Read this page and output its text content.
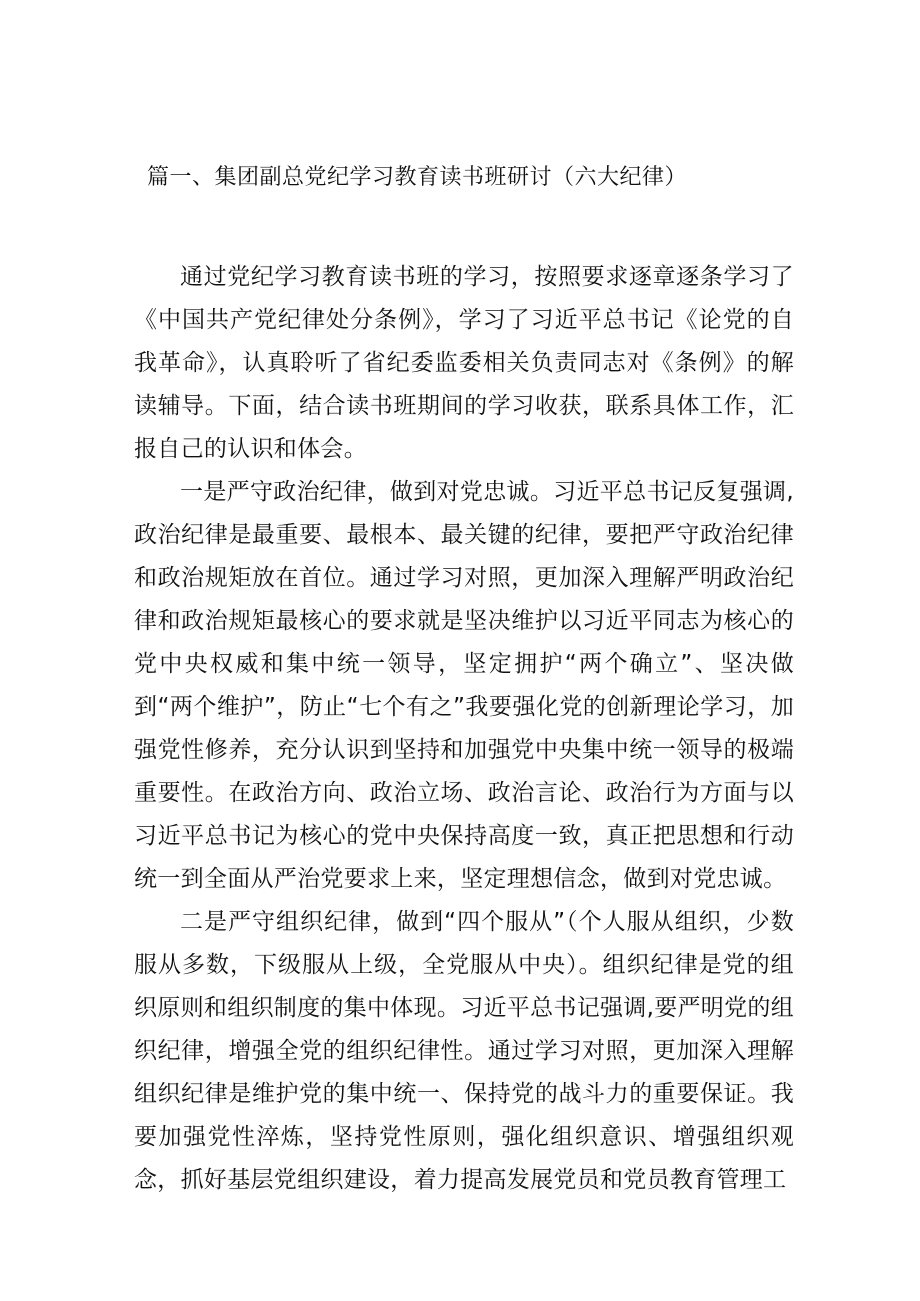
篇一、集团副总党纪学习教育读书班研讨（六大纪律）

通过党纪学习教育读书班的学习，按照要求逐章逐条学习了《中国共产党纪律处分条例》，学习了习近平总书记《论党的自我革命》，认真聆听了省纪委监委相关负责同志对《条例》的解读辅导。下面，结合读书班期间的学习收获，联系具体工作，汇报自己的认识和体会。

一是严守政治纪律，做到对党忠诚。习近平总书记反复强调,政治纪律是最重要、最根本、最关键的纪律，要把严守政治纪律和政治规矩放在首位。通过学习对照，更加深入理解严明政治纪律和政治规矩最核心的要求就是坚决维护以习近平同志为核心的党中央权威和集中统一领导，坚定拥护“两个确立”、坚决做到“两个维护”，防止“七个有之”我要强化党的创新理论学习，加强党性修养，充分认识到坚持和加强党中央集中统一领导的极端重要性。在政治方向、政治立场、政治言论、政治行为方面与以习近平总书记为核心的党中央保持高度一致，真正把思想和行动统一到全面从严治党要求上来，坚定理想信念，做到对党忠诚。

二是严守组织纪律，做到“四个服从”（个人服从组织，少数服从多数，下级服从上级，全党服从中央）。组织纪律是党的组织原则和组织制度的集中体现。习近平总书记强调,要严明党的组织纪律，增强全党的组织纪律性。通过学习对照，更加深入理解组织纪律是维护党的集中统一、保持党的战斗力的重要保证。我要加强党性淬炼，坚持党性原则，强化组织意识、增强组织观念，抓好基层党组织建设，着力提高发展党员和党员教育管理工
